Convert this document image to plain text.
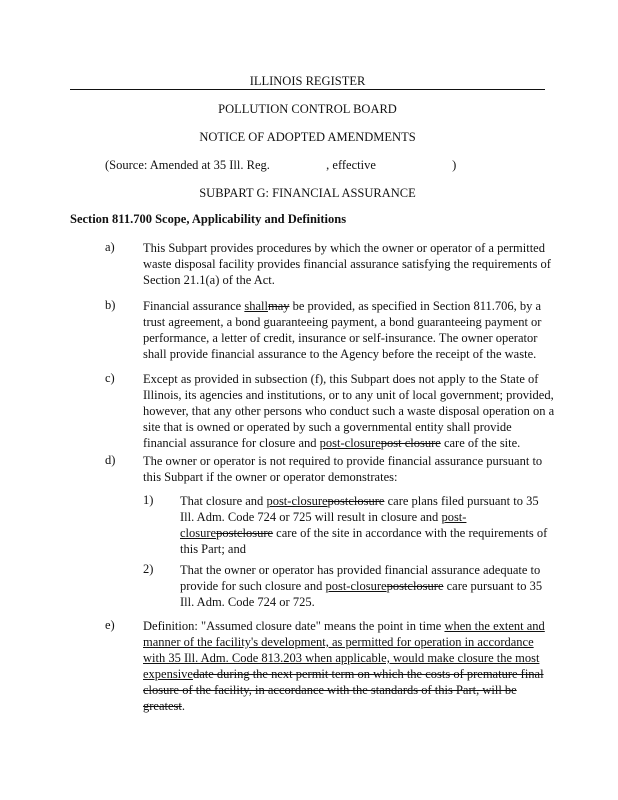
ILLINOIS REGISTER
POLLUTION CONTROL BOARD
NOTICE OF ADOPTED AMENDMENTS
(Source: Amended at 35 Ill. Reg.	, effective	)
SUBPART G: FINANCIAL ASSURANCE
Section 811.700 Scope, Applicability and Definitions
a) This Subpart provides procedures by which the owner or operator of a permitted
waste disposal facility provides financial assurance satisfying the requirements of
Section 21.1(a) of the Act.
b) Financial assurance shallmay be provided, as specified in Section 811.706, by a
trust agreement, a bond guaranteeing payment, a bond guaranteeing payment or
performance, a letter of credit, insurance or self-insurance. The owner operator
shall provide financial assurance to the Agency before the receipt of the waste.
c) Except as provided in subsection (f), this Subpart does not apply to the State of
Illinois, its agencies and institutions, or to any unit of local government; provided,
however, that any other persons who conduct such a waste disposal operation on a
site that is owned or operated by such a governmental entity shall provide
financial assurance for closure and post-closurepost closure care of the site.
d) The owner or operator is not required to provide financial assurance pursuant to
this Subpart if the owner or operator demonstrates:
1) That closure and post-closurepostclosure care plans filed pursuant to 35
Ill. Adm. Code 724 or 725 will result in closure and post-
closurepostclosure care of the site in accordance with the requirements of
this Part; and
2) That the owner or operator has provided financial assurance adequate to
provide for such closure and post-closurepostclosure care pursuant to 35
Ill. Adm. Code 724 or 725.
e) Definition: "Assumed closure date" means the point in time when the extent and
manner of the facility's development, as permitted for operation in accordance
with 35 Ill. Adm. Code 813.203 when applicable, would make closure the most
expensivedate during the next permit term on which the costs of premature final
closure of the facility, in accordance with the standards of this Part, will be
greatest.
